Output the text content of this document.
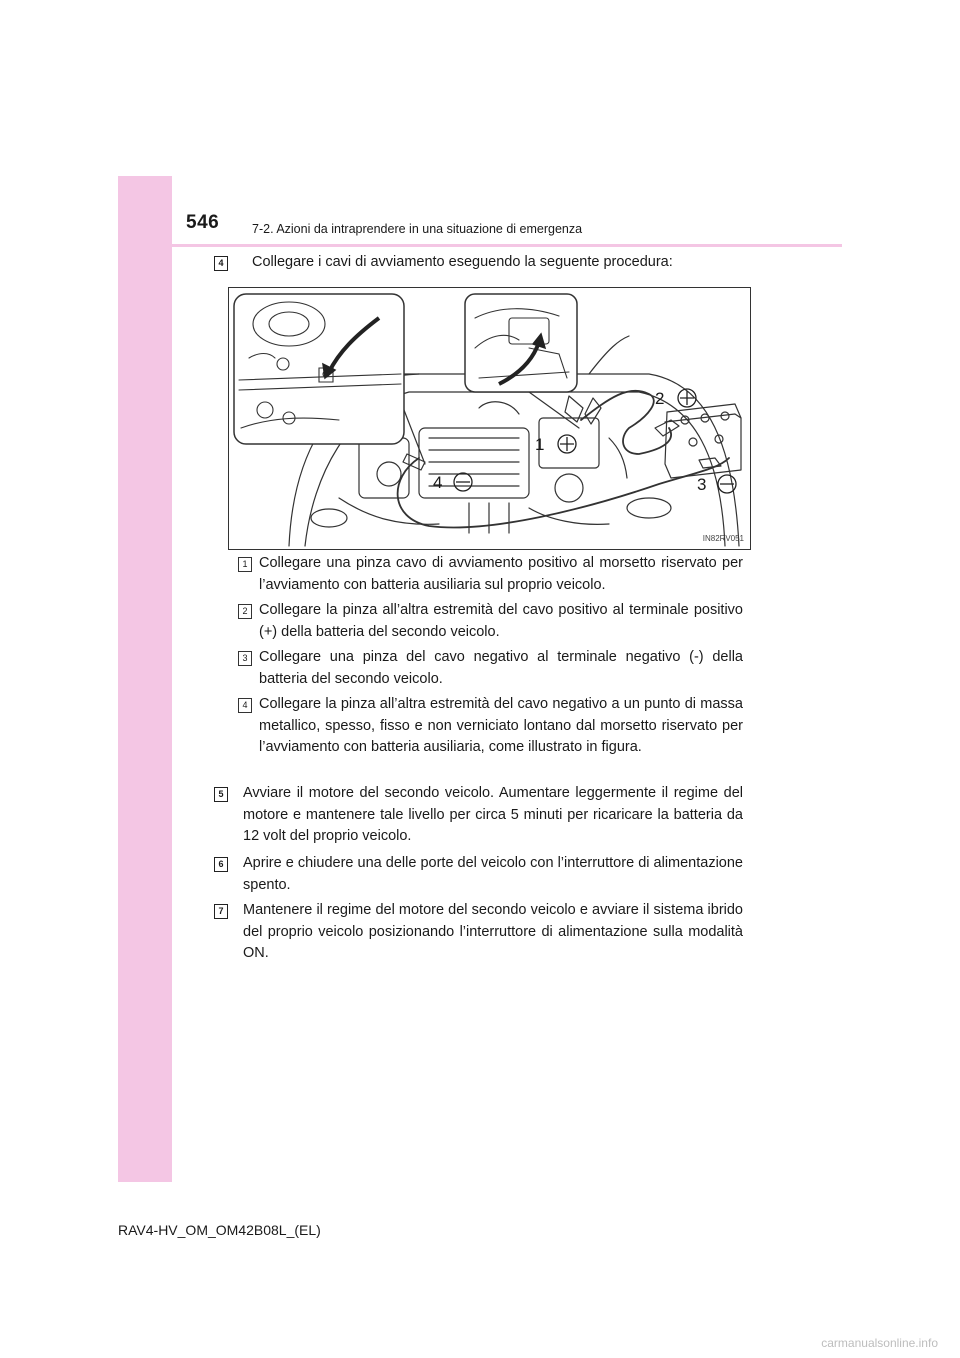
546	7-2. Azioni da intraprendere in una situazione di emergenza
4	Collegare i cavi di avviamento eseguendo la seguente procedura:

1
2
3
4
IN82RV051
1 Collegare una pinza cavo di avviamento positivo al morsetto riservato per l’avviamento con batteria ausiliaria sul proprio veicolo.

2 Collegare la pinza all’altra estremità del cavo positivo al terminale positivo (+) della batteria del secondo veicolo.

3 Collegare una pinza del cavo negativo al terminale negativo (-) della batteria del secondo veicolo.

4 Collegare la pinza all’altra estremità del cavo negativo a un punto di massa metallico, spesso, fisso e non verniciato lontano dal morsetto riservato per l’avviamento con batteria ausiliaria, come illustrato in figura.

5	Avviare il motore del secondo veicolo. Aumentare leggermente il regime del motore e mantenere tale livello per circa 5 minuti per ricaricare la batteria da 12 volt del proprio veicolo.

6	Aprire e chiudere una delle porte del veicolo con l’interruttore di alimentazione spento.

7	Mantenere il regime del motore del secondo veicolo e avviare il sistema ibrido del proprio veicolo posizionando l’interruttore di alimentazione sulla modalità ON.

RAV4-HV_OM_OM42B08L_(EL)
carmanualsonline.info
